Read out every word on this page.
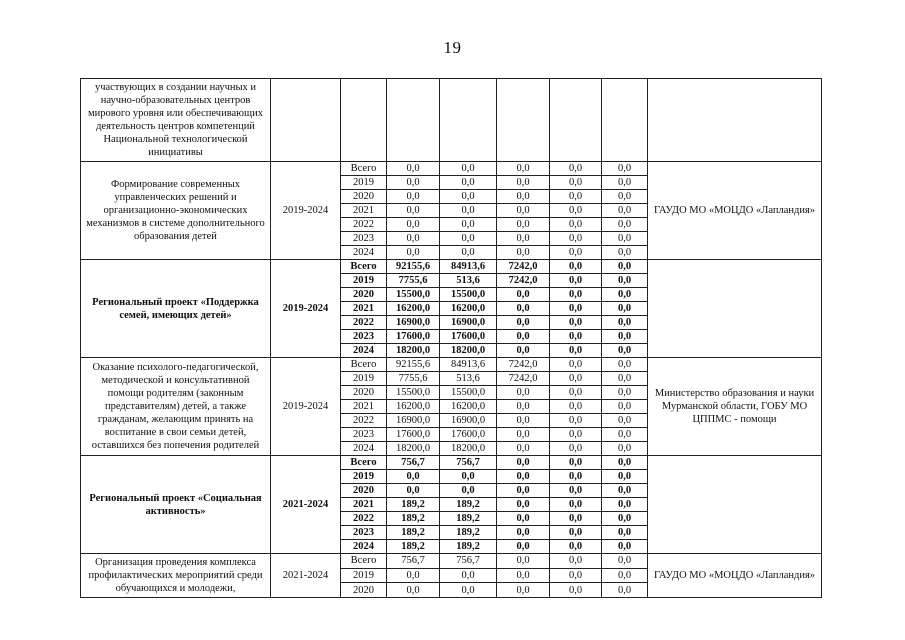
19
участвующих в создании научных и научно-образовательных центров мирового уровня или обеспечивающих деятельность центров компетенций Национальной технологической инициативы								
Формирование современных управленческих решений и организационно-экономических механизмов в системе дополнительного образования детей	2019-2024	Всего	0,0	0,0	0,0	0,0	0,0	ГАУДО МО «МОЦДО «Лапландия»
		2019	0,0	0,0	0,0	0,0	0,0	
		2020	0,0	0,0	0,0	0,0	0,0	
		2021	0,0	0,0	0,0	0,0	0,0	
		2022	0,0	0,0	0,0	0,0	0,0	
		2023	0,0	0,0	0,0	0,0	0,0	
		2024	0,0	0,0	0,0	0,0	0,0	
Региональный проект «Поддержка семей, имеющих детей»	2019-2024	Всего	92155,6	84913,6	7242,0	0,0	0,0	
		2019	7755,6	513,6	7242,0	0,0	0,0	
		2020	15500,0	15500,0	0,0	0,0	0,0	
		2021	16200,0	16200,0	0,0	0,0	0,0	
		2022	16900,0	16900,0	0,0	0,0	0,0	
		2023	17600,0	17600,0	0,0	0,0	0,0	
		2024	18200,0	18200,0	0,0	0,0	0,0	
Оказание психолого-педагогической, методической и консультативной помощи родителям (законным представителям) детей, а также гражданам, желающим принять на воспитание в свои семьи детей, оставшихся без попечения родителей	2019-2024	Всего	92155,6	84913,6	7242,0	0,0	0,0	Министерство образования и науки Мурманской области, ГОБУ МО ЦППМС - помощи
		2019	7755,6	513,6	7242,0	0,0	0,0	
		2020	15500,0	15500,0	0,0	0,0	0,0	
		2021	16200,0	16200,0	0,0	0,0	0,0	
		2022	16900,0	16900,0	0,0	0,0	0,0	
		2023	17600,0	17600,0	0,0	0,0	0,0	
		2024	18200,0	18200,0	0,0	0,0	0,0	
Региональный проект «Социальная активность»	2021-2024	Всего	756,7	756,7	0,0	0,0	0,0	
		2019	0,0	0,0	0,0	0,0	0,0	
		2020	0,0	0,0	0,0	0,0	0,0	
		2021	189,2	189,2	0,0	0,0	0,0	
		2022	189,2	189,2	0,0	0,0	0,0	
		2023	189,2	189,2	0,0	0,0	0,0	
		2024	189,2	189,2	0,0	0,0	0,0	
Организация проведения комплекса профилактических мероприятий среди обучающихся и молодежи,	2021-2024	Всего	756,7	756,7	0,0	0,0	0,0	ГАУДО МО «МОЦДО «Лапландия»
		2019	0,0	0,0	0,0	0,0	0,0	
		2020	0,0	0,0	0,0	0,0	0,0	
